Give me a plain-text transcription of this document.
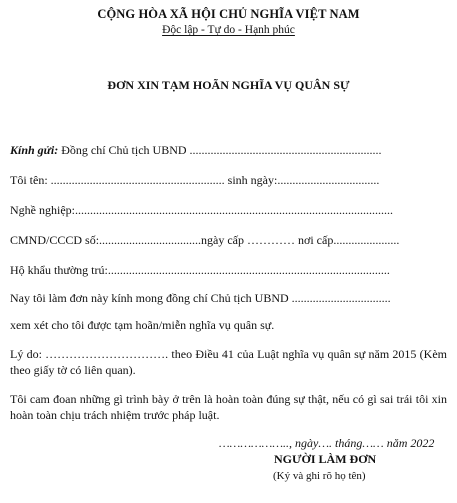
CỘNG HÒA XÃ HỘI CHỦ NGHĨA VIỆT NAM
Độc lập - Tự do - Hạnh phúc
ĐƠN XIN TẠM HOÃN NGHĨA VỤ QUÂN SỰ
Kính gửi: Đồng chí Chủ tịch UBND ................................................................
Tôi tên: .......................................................... sinh ngày:..................................
Nghề nghiệp:..........................................................................................................
CMND/CCCD số:..................................ngày cấp ………… nơi cấp......................
Hộ khẩu thường trú:..............................................................................................
Nay tôi làm đơn này kính mong đồng chí Chủ tịch UBND .................................
xem xét cho tôi được tạm hoãn/miễn nghĩa vụ quân sự.
Lý do: …………………………. theo Điều 41 của Luật nghĩa vụ quân sự năm 2015 (Kèm theo giấy tờ có liên quan).
Tôi cam đoan những gì trình bày ở trên là hoàn toàn đúng sự thật, nếu có gì sai trái tôi xin hoàn toàn chịu trách nhiệm trước pháp luật.
……………….., ngày…. tháng…… năm 2022
NGƯỜI LÀM ĐƠN
(Ký và ghi rõ họ tên)
